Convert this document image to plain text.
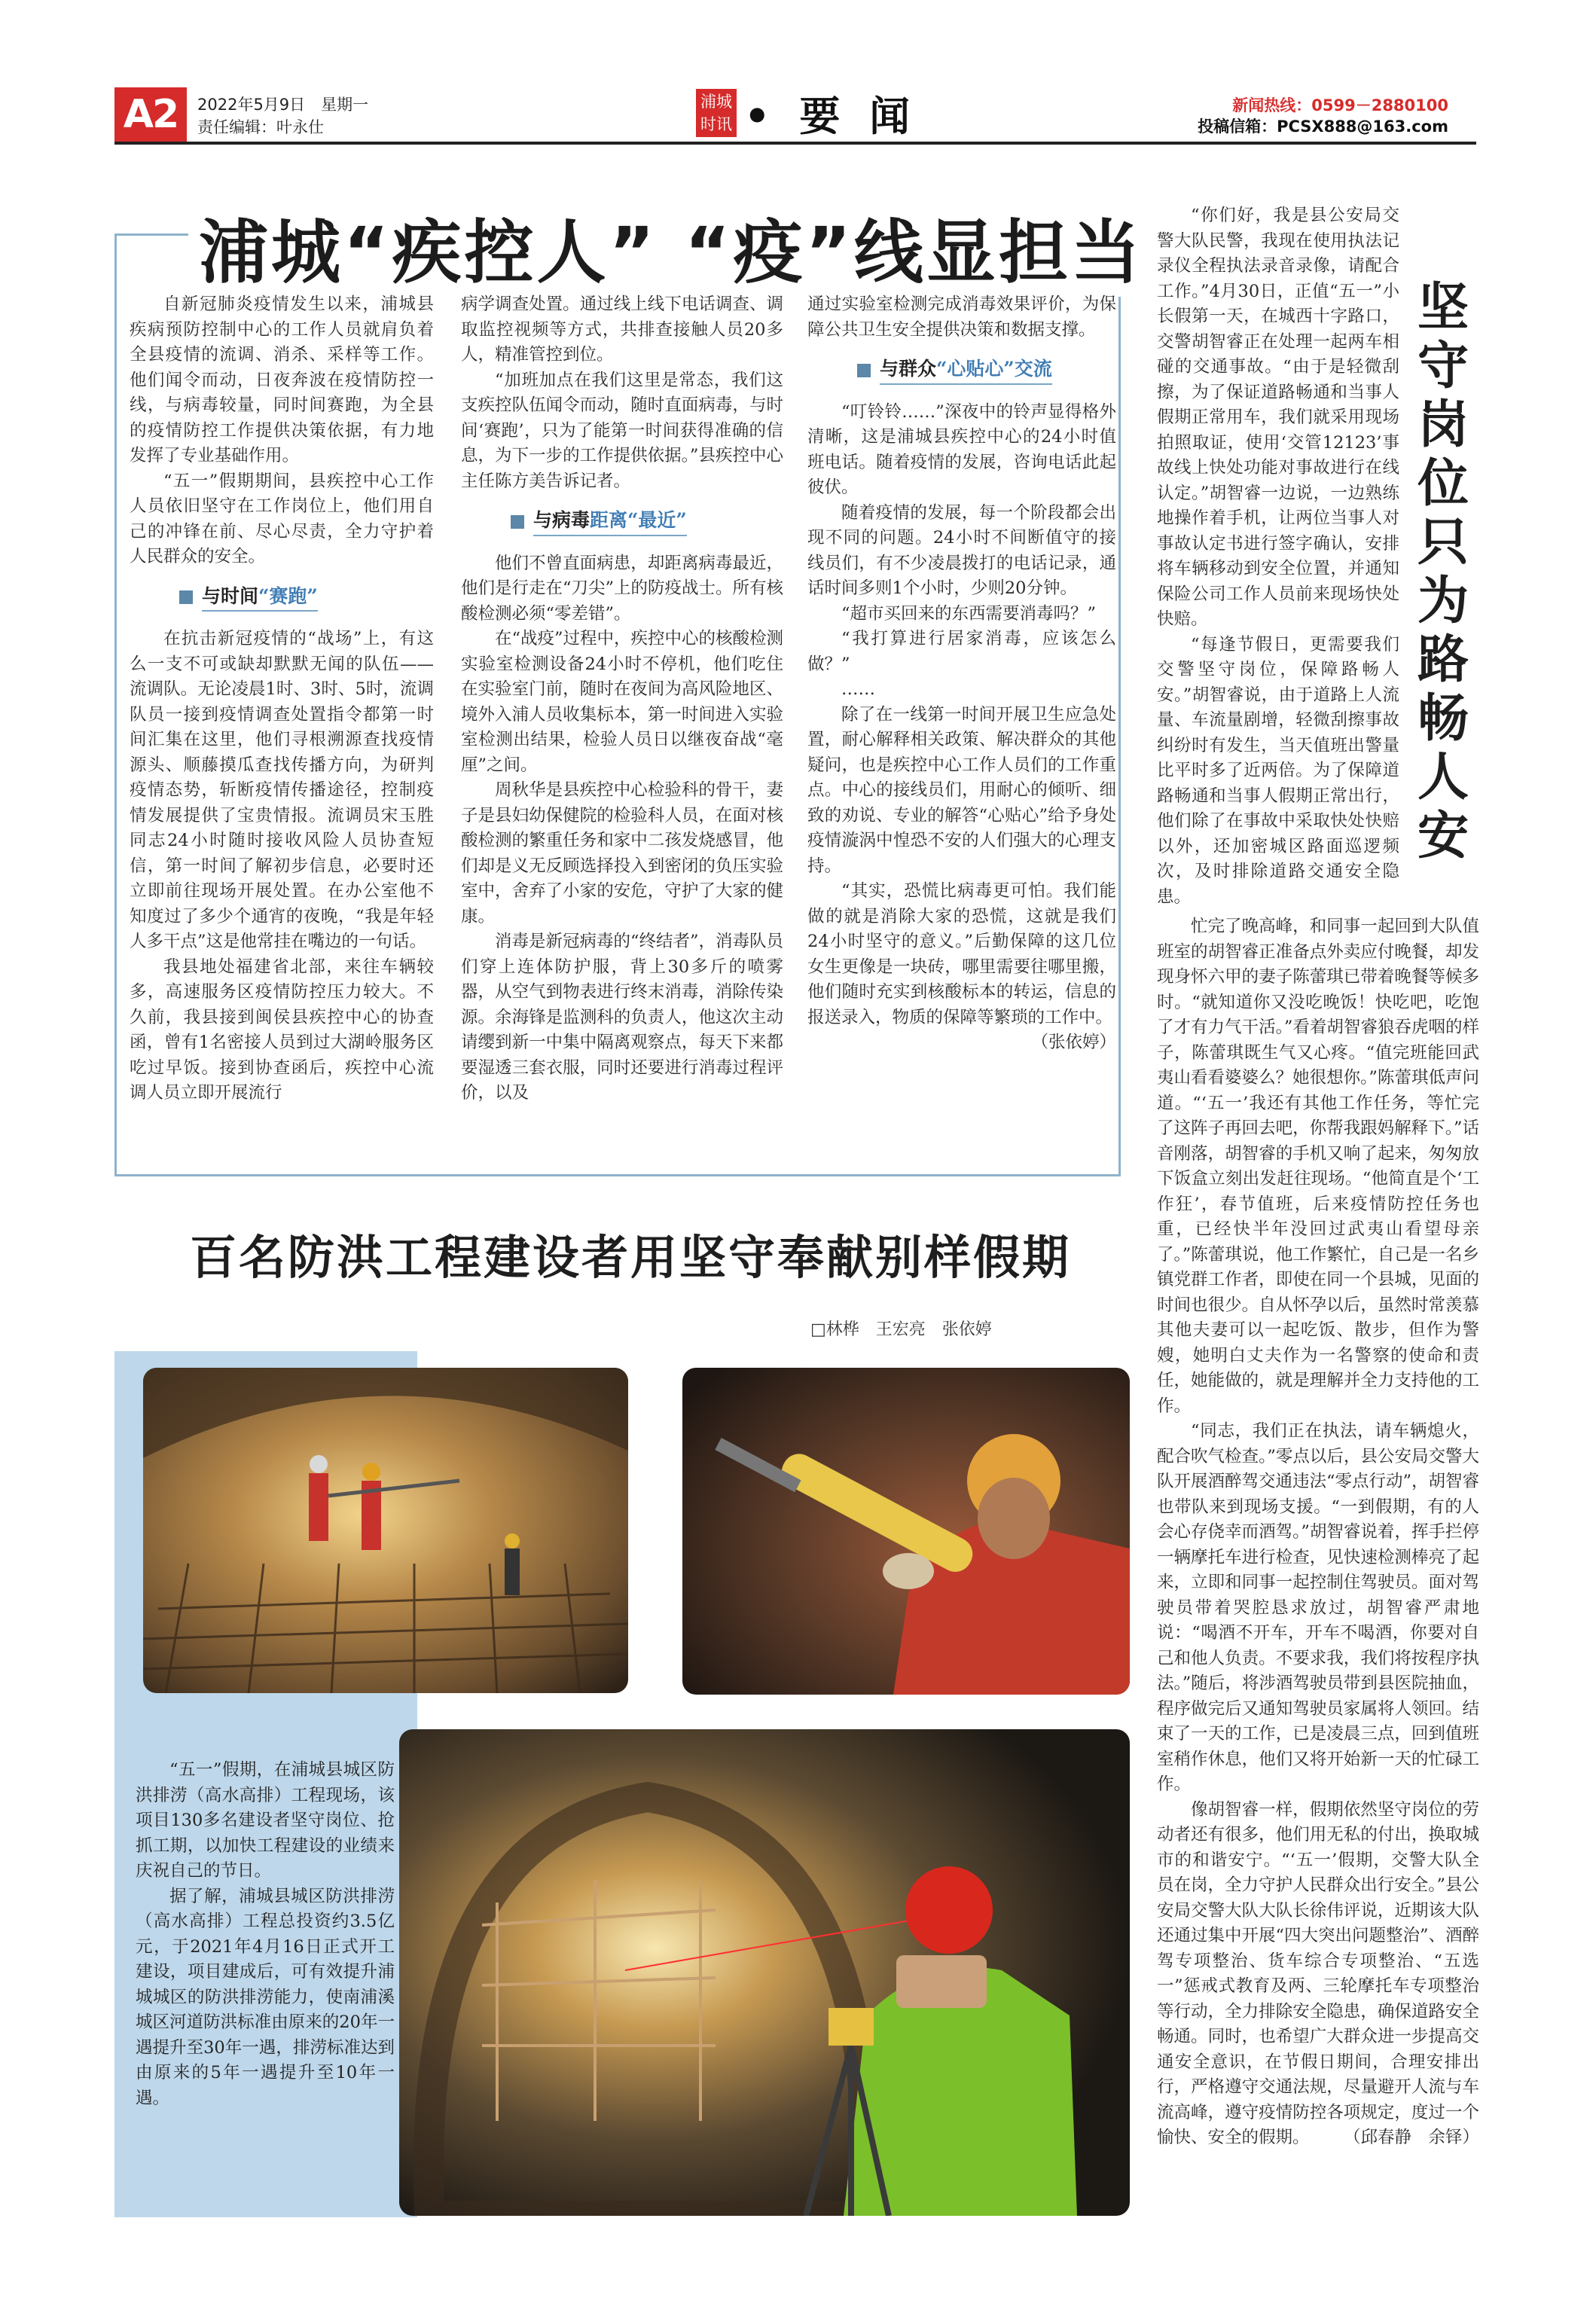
A2	2022年5月9日　星期一
责任编辑：叶永仕
浦城
时讯 • 要 闻	新闻热线：0599－2880100
投稿信箱：PCSX888@163.com
浦城“疾控人” “疫”线显担当

自新冠肺炎疫情发生以来，浦城县疾病预防控制中心的工作人员就肩负着全县疫情的流调、消杀、采样等工作。他们闻令而动，日夜奔波在疫情防控一线，与病毒较量，同时间赛跑，为全县的疫情防控工作提供决策依据，有力地发挥了专业基础作用。

“五一”假期期间，县疾控中心工作人员依旧坚守在工作岗位上，他们用自己的冲锋在前、尽心尽责，全力守护着人民群众的安全。

与时间“赛跑”

在抗击新冠疫情的“战场”上，有这么一支不可或缺却默默无闻的队伍——流调队。无论凌晨1时、3时、5时，流调队员一接到疫情调查处置指令都第一时间汇集在这里，他们寻根溯源查找疫情源头、顺藤摸瓜查找传播方向，为研判疫情态势，斩断疫情传播途径，控制疫情发展提供了宝贵情报。流调员宋玉胜同志24小时随时接收风险人员协查短信，第一时间了解初步信息，必要时还立即前往现场开展处置。在办公室他不知度过了多少个通宵的夜晚，“我是年轻人多干点”这是他常挂在嘴边的一句话。

我县地处福建省北部，来往车辆较多，高速服务区疫情防控压力较大。不久前，我县接到闽侯县疾控中心的协查函，曾有1名密接人员到过大湖岭服务区吃过早饭。接到协查函后，疾控中心流调人员立即开展流行

病学调查处置。通过线上线下电话调查、调取监控视频等方式，共排查接触人员20多人，精准管控到位。

“加班加点在我们这里是常态，我们这支疾控队伍闻令而动，随时直面病毒，与时间‘赛跑’，只为了能第一时间获得准确的信息，为下一步的工作提供依据。”县疾控中心主任陈方美告诉记者。

与病毒距离“最近”

他们不曾直面病患，却距离病毒最近，他们是行走在“刀尖”上的防疫战士。所有核酸检测必须“零差错”。

在“战疫”过程中，疾控中心的核酸检测实验室检测设备24小时不停机，他们吃住在实验室门前，随时在夜间为高风险地区、境外入浦人员收集标本，第一时间进入实验室检测出结果，检验人员日以继夜奋战“毫厘”之间。

周秋华是县疾控中心检验科的骨干，妻子是县妇幼保健院的检验科人员，在面对核酸检测的繁重任务和家中二孩发烧感冒，他们却是义无反顾选择投入到密闭的负压实验室中，舍弃了小家的安危，守护了大家的健康。

消毒是新冠病毒的“终结者”，消毒队员们穿上连体防护服，背上30多斤的喷雾器，从空气到物表进行终末消毒，消除传染源。余海锋是监测科的负责人，他这次主动请缨到新一中集中隔离观察点，每天下来都要湿透三套衣服，同时还要进行消毒过程评价，以及

通过实验室检测完成消毒效果评价，为保障公共卫生安全提供决策和数据支撑。

与群众“心贴心”交流

“叮铃铃……”深夜中的铃声显得格外清晰，这是浦城县疾控中心的24小时值班电话。随着疫情的发展，咨询电话此起彼伏。

随着疫情的发展，每一个阶段都会出现不同的问题。24小时不间断值守的接线员们，有不少凌晨拨打的电话记录，通话时间多则1个小时，少则20分钟。

“超市买回来的东西需要消毒吗？”

“我打算进行居家消毒，应该怎么做？”

……

除了在一线第一时间开展卫生应急处置，耐心解释相关政策、解决群众的其他疑问，也是疾控中心工作人员们的工作重点。中心的接线员们，用耐心的倾听、细致的劝说、专业的解答“心贴心”给予身处疫情漩涡中惶恐不安的人们强大的心理支持。

“其实，恐慌比病毒更可怕。我们能做的就是消除大家的恐慌，这就是我们24小时坚守的意义。”后勤保障的这几位女生更像是一块砖，哪里需要往哪里搬，他们随时充实到核酸标本的转运，信息的报送录入，物质的保障等繁琐的工作中。
（张依婷）

百名防洪工程建设者用坚守奉献别样假期
□林桦　王宏亮　张依婷

“五一”假期，在浦城县城区防洪排涝（高水高排）工程现场，该项目130多名建设者坚守岗位、抢抓工期，以加快工程建设的业绩来庆祝自己的节日。

据了解，浦城县城区防洪排涝（高水高排）工程总投资约3.5亿元，于2021年4月16日正式开工建设，项目建成后，可有效提升浦城城区的防洪排涝能力，使南浦溪城区河道防洪标准由原来的20年一遇提升至30年一遇，排涝标准达到由原来的5年一遇提升至10年一遇。

坚守岗位　只为路畅人安

“你们好，我是县公安局交警大队民警，我现在使用执法记录仪全程执法录音录像，请配合工作。”4月30日，正值“五一”小长假第一天，在城西十字路口，交警胡智睿正在处理一起两车相碰的交通事故。“由于是轻微刮擦，为了保证道路畅通和当事人假期正常用车，我们就采用现场拍照取证，使用‘交管12123’事故线上快处功能对事故进行在线认定。”胡智睿一边说，一边熟练地操作着手机，让两位当事人对事故认定书进行签字确认，安排将车辆移动到安全位置，并通知保险公司工作人员前来现场快处快赔。

“每逢节假日，更需要我们交警坚守岗位，保障路畅人安。”胡智睿说，由于道路上人流量、车流量剧增，轻微刮擦事故纠纷时有发生，当天值班出警量比平时多了近两倍。为了保障道路畅通和当事人假期正常出行，他们除了在事故中采取快处快赔以外，还加密城区路面巡逻频次，及时排除道路交通安全隐患。

忙完了晚高峰，和同事一起回到大队值班室的胡智睿正准备点外卖应付晚餐，却发现身怀六甲的妻子陈蕾琪已带着晚餐等候多时。“就知道你又没吃晚饭！快吃吧，吃饱了才有力气干活。”看着胡智睿狼吞虎咽的样子，陈蕾琪既生气又心疼。“值完班能回武夷山看看婆婆么？她很想你。”陈蕾琪低声问道。“‘五一’我还有其他工作任务，等忙完了这阵子再回去吧，你帮我跟妈解释下。”话音刚落，胡智睿的手机又响了起来，匆匆放下饭盒立刻出发赶往现场。“他简直是个‘工作狂’，春节值班，后来疫情防控任务也重，已经快半年没回过武夷山看望母亲了。”陈蕾琪说，他工作繁忙，自己是一名乡镇党群工作者，即使在同一个县城，见面的时间也很少。自从怀孕以后，虽然时常羡慕其他夫妻可以一起吃饭、散步，但作为警嫂，她明白丈夫作为一名警察的使命和责任，她能做的，就是理解并全力支持他的工作。

“同志，我们正在执法，请车辆熄火，配合吹气检查。”零点以后，县公安局交警大队开展酒醉驾交通违法“零点行动”，胡智睿也带队来到现场支援。“一到假期，有的人会心存侥幸而酒驾。”胡智睿说着，挥手拦停一辆摩托车进行检查，见快速检测棒亮了起来，立即和同事一起控制住驾驶员。面对驾驶员带着哭腔恳求放过，胡智睿严肃地说：“喝酒不开车，开车不喝酒，你要对自己和他人负责。不要求我，我们将按程序执法。”随后，将涉酒驾驶员带到县医院抽血，程序做完后又通知驾驶员家属将人领回。结束了一天的工作，已是凌晨三点，回到值班室稍作休息，他们又将开始新一天的忙碌工作。

像胡智睿一样，假期依然坚守岗位的劳动者还有很多，他们用无私的付出，换取城市的和谐安宁。“‘五一’假期，交警大队全员在岗，全力守护人民群众出行安全。”县公安局交警大队大队长徐伟评说，近期该大队还通过集中开展“四大突出问题整治”、酒醉驾专项整治、货车综合专项整治、“五选一”惩戒式教育及两、三轮摩托车专项整治等行动，全力排除安全隐患，确保道路安全畅通。同时，也希望广大群众进一步提高交通安全意识，在节假日期间，合理安排出行，严格遵守交通法规，尽量避开人流与车流高峰，遵守疫情防控各项规定，度过一个愉快、安全的假期。	（邱春静　余铎）
